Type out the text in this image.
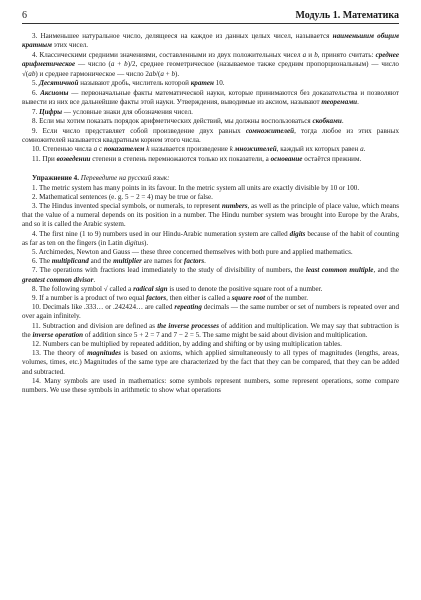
6	Модуль 1. Математика

3. Наименьшее натуральное число, делящееся на каждое из данных целых чисел, называется наименьшим общим кратным этих чисел.

4. Классическими средними значениями, составленными из двух положительных чисел a и b, принято считать: среднее арифметическое — число (a + b)/2, среднее геометрическое (называемое также средним пропорциональным) — число √(ab) и среднее гармоническое — число 2ab/(a + b).

5. Десятичной называют дробь, числитель которой кратен 10.

6. Аксиомы — первоначальные факты математической науки, которые принимаются без доказательства и позволяют вывести из них все дальнейшие факты этой науки. Утверждения, выводимые из аксиом, называют теоремами.

7. Цифры — условные знаки для обозначения чисел.

8. Если мы хотим показать порядок арифметических действий, мы должны воспользоваться скобками.

9. Если число представляет собой произведение двух равных сомножителей, тогда любое из этих равных сомножителей называется квадратным корнем этого числа.

10. Степенью числа a с показателем k называется произведение k множителей, каждый их которых равен a.

11. При возведении степени в степень перемножаются только их показатели, а основание остаётся прежним.

Упражнение 4. Переведите на русский язык:

1. The metric system has many points in its favour. In the metric system all units are exactly divisible by 10 or 100.

2. Mathematical sentences (e. g. 5 − 2 = 4) may be true or false.

3. The Hindus invented special symbols, or numerals, to represent numbers, as well as the principle of place value, which means that the value of a numeral depends on its position in a number. The Hindu number system was brought into Europe by the Arabs, and so it is called the Arabic system.

4. The first nine (1 to 9) numbers used in our Hindu-Arabic numeration system are called digits because of the habit of counting as far as ten on the fingers (in Latin digitus).

5. Archimedes, Newton and Gauss — these three concerned themselves with both pure and applied mathematics.

6. The multiplicand and the multiplier are names for factors.

7. The operations with fractions lead immediately to the study of divisibility of numbers, the least common multiple, and the greatest common divisor.

8. The following symbol √ called a radical sign is used to denote the positive square root of a number.

9. If a number is a product of two equal factors, then either is called a square root of the number.

10. Decimals like .333… or .242424… are called repeating decimals — the same number or set of numbers is repeated over and over again infinitely.

11. Subtraction and division are defined as the inverse processes of addition and multiplication. We may say that subtraction is the inverse operation of addition since 5 + 2 = 7 and 7 − 2 = 5. The same might be said about division and multiplication.

12. Numbers can be multiplied by repeated addition, by adding and shifting or by using multiplication tables.

13. The theory of magnitudes is based on axioms, which applied simultaneously to all types of magnitudes (lengths, areas, volumes, times, etc.) Magnitudes of the same type are characterized by the fact that they can be compared, that they can be added and subtracted.

14. Many symbols are used in mathematics: some symbols represent numbers, some represent operations, some compare numbers. We use these symbols in arithmetic to show what operations
